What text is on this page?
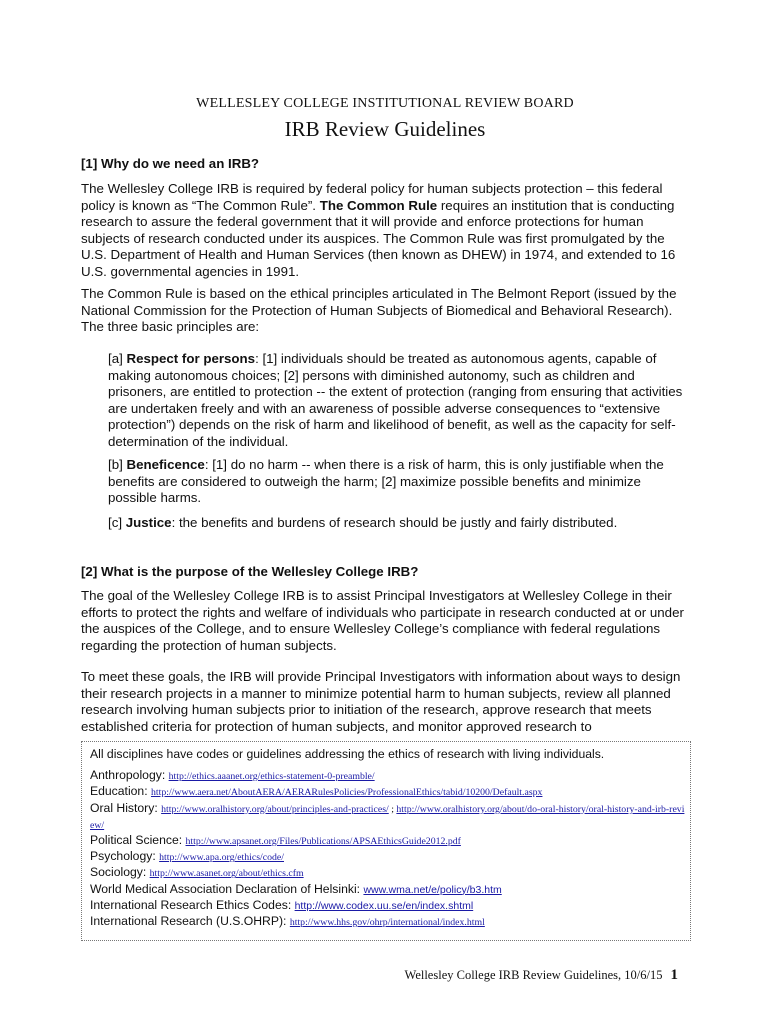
WELLESLEY COLLEGE INSTITUTIONAL REVIEW BOARD
IRB Review Guidelines
[1] Why do we need an IRB?
The Wellesley College IRB is required by federal policy for human subjects protection – this federal policy is known as “The Common Rule”. The Common Rule requires an institution that is conducting research to assure the federal government that it will provide and enforce protections for human subjects of research conducted under its auspices. The Common Rule was first promulgated by the U.S. Department of Health and Human Services (then known as DHEW) in 1974, and extended to 16 U.S. governmental agencies in 1991.
The Common Rule is based on the ethical principles articulated in The Belmont Report (issued by the National Commission for the Protection of Human Subjects of Biomedical and Behavioral Research). The three basic principles are:
[a] Respect for persons: [1] individuals should be treated as autonomous agents, capable of making autonomous choices; [2] persons with diminished autonomy, such as children and prisoners, are entitled to protection -- the extent of protection (ranging from ensuring that activities are undertaken freely and with an awareness of possible adverse consequences to “extensive protection”) depends on the risk of harm and likelihood of benefit, as well as the capacity for self-determination of the individual.
[b] Beneficence: [1] do no harm -- when there is a risk of harm, this is only justifiable when the benefits are considered to outweigh the harm; [2] maximize possible benefits and minimize possible harms.
[c] Justice: the benefits and burdens of research should be justly and fairly distributed.
[2] What is the purpose of the Wellesley College IRB?
The goal of the Wellesley College IRB is to assist Principal Investigators at Wellesley College in their efforts to protect the rights and welfare of individuals who participate in research conducted at or under the auspices of the College, and to ensure Wellesley College’s compliance with federal regulations regarding the protection of human subjects.
To meet these goals, the IRB will provide Principal Investigators with information about ways to design their research projects in a manner to minimize potential harm to human subjects, review all planned research involving human subjects prior to initiation of the research, approve research that meets established criteria for protection of human subjects, and monitor approved research to
All disciplines have codes or guidelines addressing the ethics of research with living individuals.
Anthropology: http://ethics.aaanet.org/ethics-statement-0-preamble/
Education: http://www.aera.net/AboutAERA/AERARulesPolicies/ProfessionalEthics/tabid/10200/Default.aspx
Oral History: http://www.oralhistory.org/about/principles-and-practices/ ; http://www.oralhistory.org/about/do-oral-history/oral-history-and-irb-review/
Political Science: http://www.apsanet.org/Files/Publications/APSAEthicsGuide2012.pdf
Psychology: http://www.apa.org/ethics/code/
Sociology: http://www.asanet.org/about/ethics.cfm
World Medical Association Declaration of Helsinki: www.wma.net/e/policy/b3.htm
International Research Ethics Codes: http://www.codex.uu.se/en/index.shtml
International Research (U.S.OHRP): http://www.hhs.gov/ohrp/international/index.html
Wellesley College IRB Review Guidelines, 10/6/15 1
